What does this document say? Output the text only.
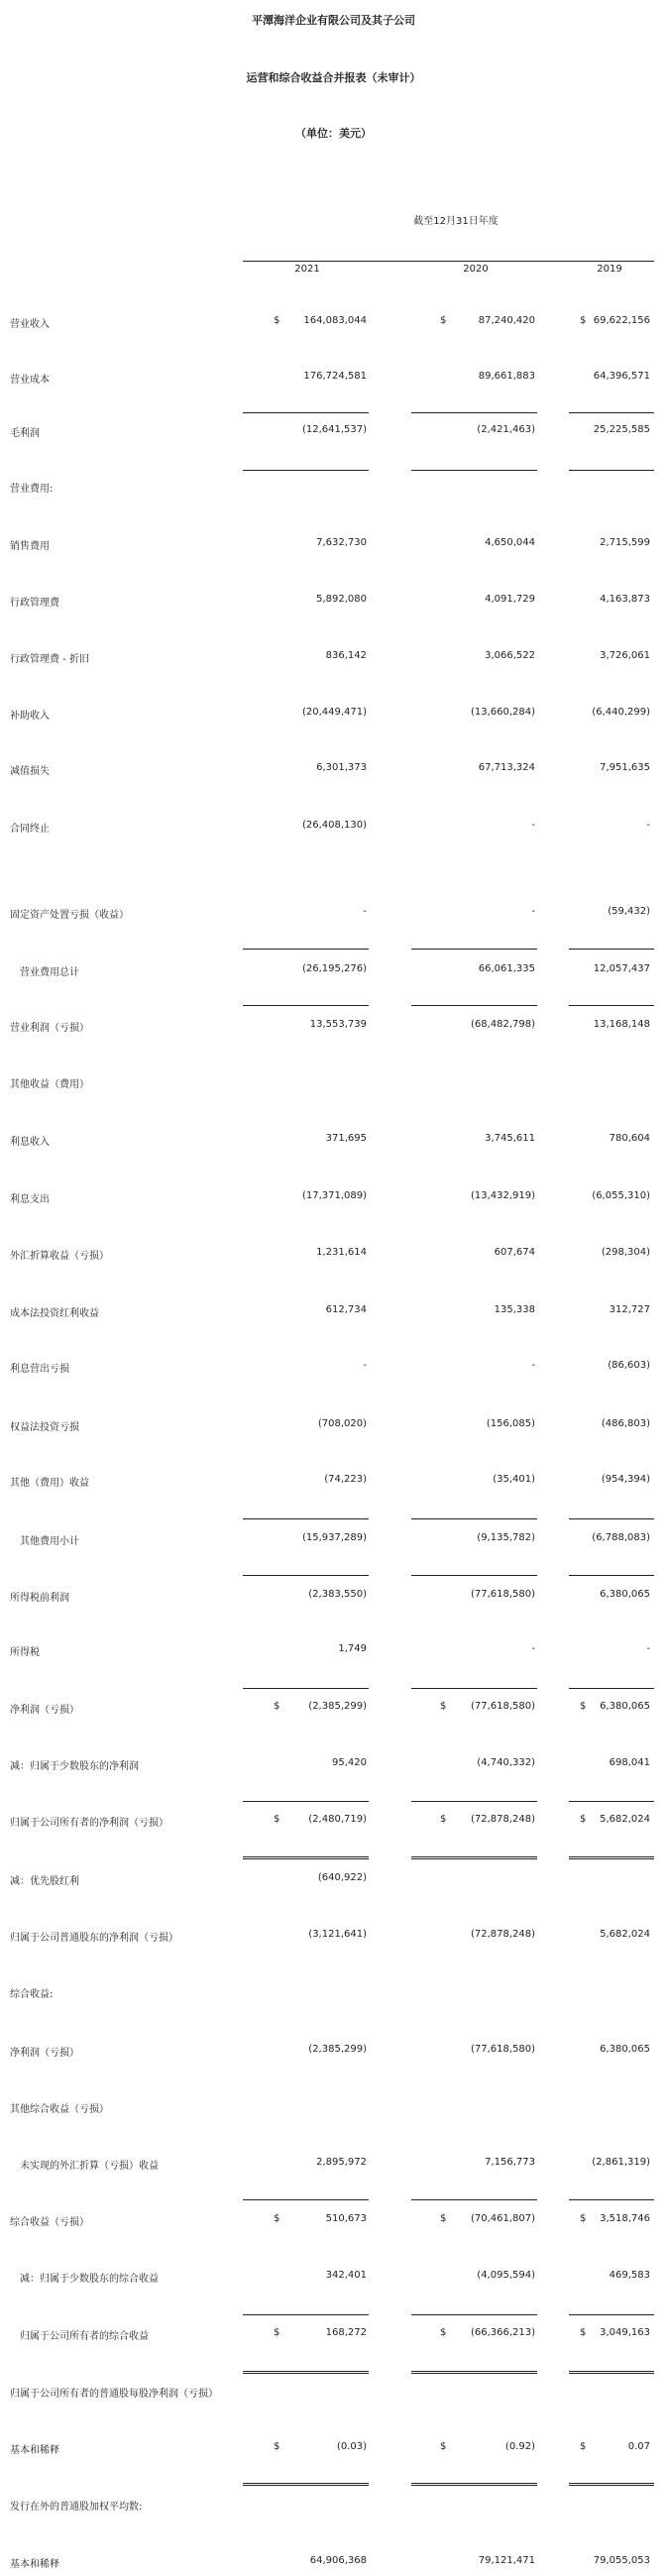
平潭海洋企业有限公司及其子公司
运营和综合收益合并报表（未审计）
（单位：美元）
截至12月31日年度
2021	2020	2019
营业收入	$ 164,083,044	$	87,240,420	$ 69,622,156
营业成本	176,724,581	89,661,883	64,396,571
毛利润	(12,641,537)	(2,421,463)	25,225,585
营业费用:
销售费用	7,632,730	4,650,044	2,715,599
行政管理费	5,892,080	4,091,729	4,163,873
行政管理费 - 折旧	836,142	3,066,522	3,726,061
补助收入	(20,449,471)	(13,660,284)	(6,440,299)
减值损失	6,301,373	67,713,324	7,951,635
合同终止	(26,408,130)	-	-
固定资产处置亏损（收益）	-	-	(59,432)
营业费用总计	(26,195,276)	66,061,335	12,057,437
营业利润（亏损）	13,553,739	(68,482,798)	13,168,148
其他收益（费用）
利息收入	371,695	3,745,611	780,604
利息支出	(17,371,089)	(13,432,919)	(6,055,310)
外汇折算收益（亏损）	1,231,614	607,674	(298,304)
成本法投资红利收益	612,734	135,338	312,727
利息营出亏损	-	-	(86,603)
权益法投资亏损	(708,020)	(156,085)	(486,803)
其他（费用）收益	(74,223)	(35,401)	(954,394)
其他费用小计	(15,937,289)	(9,135,782)	(6,788,083)
所得税前利润	(2,383,550)	(77,618,580)	6,380,065
所得税	1,749	-	-
净利润（亏损）	$	(2,385,299)	$ (77,618,580)	$ 6,380,065
减：归属于少数股东的净利润	95,420	(4,740,332)	698,041
归属于公司所有者的净利润（亏损）	$	(2,480,719)	$ (72,878,248)	$ 5,682,024
减：优先股红利	(640,922)
归属于公司普通股东的净利润（亏损）	(3,121,641)	(72,878,248)	5,682,024
综合收益:
净利润（亏损）	(2,385,299)	(77,618,580)	6,380,065
其他综合收益（亏损）
未实现的外汇折算（亏损）收益	2,895,972	7,156,773	(2,861,319)
综合收益（亏损）	$	510,673	$ (70,461,807)	$ 3,518,746
减：归属于少数股东的综合收益	342,401	(4,095,594)	469,583
归属于公司所有者的综合收益	$	168,272	$ (66,366,213)	$ 3,049,163
归属于公司所有者的普通股每股净利润（亏损）
基本和稀释	$	(0.03)	$	(0.92)	$	0.07
发行在外的普通股加权平均数:
基本和稀释	64,906,368	79,121,471	79,055,053
